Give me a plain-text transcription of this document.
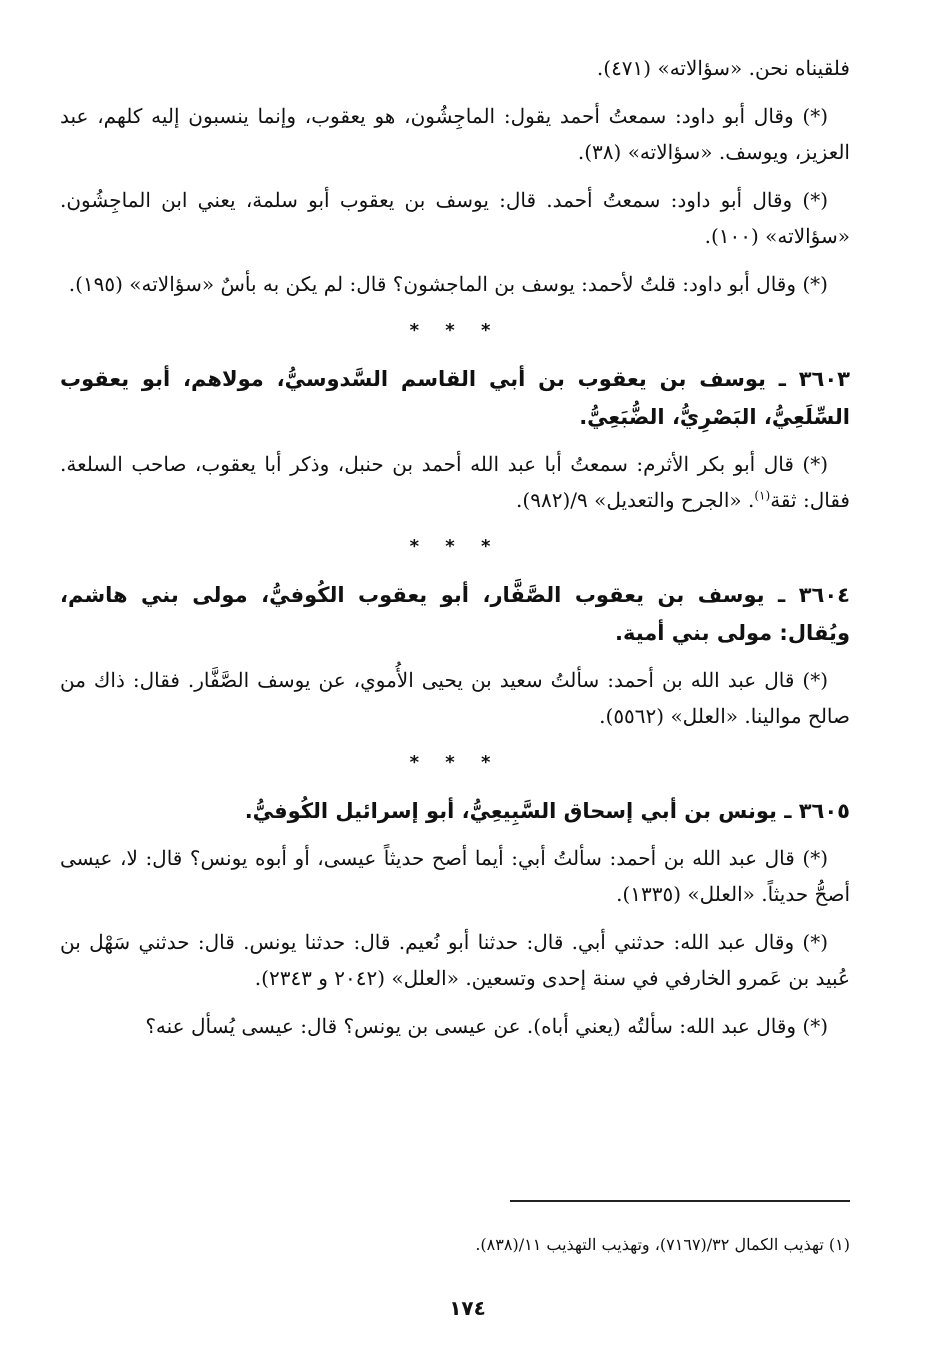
فلقيناه نحن. «سؤالاته» (٤٧١).

(*) وقال أبو داود: سمعتُ أحمد يقول: الماجِشُون، هو يعقوب، وإنما ينسبون إليه كلهم، عبد العزيز، ويوسف. «سؤالاته» (٣٨).

(*) وقال أبو داود: سمعتُ أحمد. قال: يوسف بن يعقوب أبو سلمة، يعني ابن الماجِشُون. «سؤالاته» (١٠٠).

(*) وقال أبو داود: قلتُ لأحمد: يوسف بن الماجشون؟ قال: لم يكن به بأسٌ «سؤالاته» (١٩٥).

* * *
٣٦٠٣ ـ يوسف بن يعقوب بن أبي القاسم السَّدوسيُّ، مولاهم، أبو يعقوب السِّلَعِيُّ، البَصْرِيُّ، الضُّبَعِيُّ.

(*) قال أبو بكر الأثرم: سمعتُ أبا عبد الله أحمد بن حنبل، وذكر أبا يعقوب، صاحب السلعة. فقال: ثقة$^{(١)}$. «الجرح والتعديل» ٩/(٩٨٢).

* * *
٣٦٠٤ ـ يوسف بن يعقوب الصَّفَّار، أبو يعقوب الكُوفيُّ، مولى بني هاشم، ويُقال: مولى بني أمية.

(*) قال عبد الله بن أحمد: سألتُ سعيد بن يحيى الأُموي، عن يوسف الصَّفَّار. فقال: ذاك من صالح موالينا. «العلل» (٥٥٦٢).

* * *
٣٦٠٥ ـ يونس بن أبي إسحاق السَّبِيعِيُّ، أبو إسرائيل الكُوفيُّ.

(*) قال عبد الله بن أحمد: سألتُ أبي: أيما أصح حديثاً عيسى، أو أبوه يونس؟ قال: لا، عيسى أصحُّ حديثاً. «العلل» (١٣٣٥).

(*) وقال عبد الله: حدثني أبي. قال: حدثنا أبو نُعيم. قال: حدثنا يونس. قال: حدثني سَهْل بن عُبيد بن عَمرو الخارفي في سنة إحدى وتسعين. «العلل» (٢٠٤٢ و ٢٣٤٣).

(*) وقال عبد الله: سألتُه (يعني أباه). عن عيسى بن يونس؟ قال: عيسى يُسأل عنه؟

(١) تهذيب الكمال ٣٢/(٧١٦٧)، وتهذيب التهذيب ١١/(٨٣٨).
١٧٤
